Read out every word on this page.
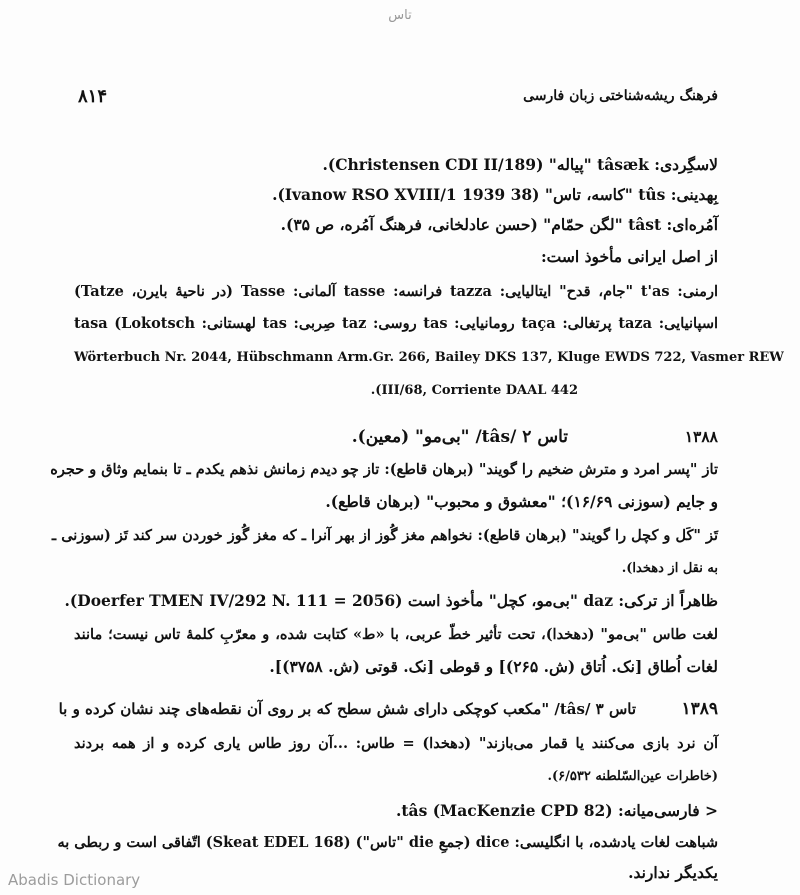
تاس
۸۱۴	فرهنگ ریشه‌شناختی زبان فارسی
لاسگِردی: tâsæk "پیاله" (Christensen CDI II/189).
بِهدینی: tûs "کاسه، تاس" (Ivanow RSO XVIII/1 1939 38).
آمُره‌ای: tâst "لگن حمّام" (حسن عادلخانی، فرهنگ آمُره، ص ۳۵).
از اصل ایرانی مأخوذ است:
ارمنی: t'as "جام، قدح" ایتالیایی: tazza فرانسه: tasse آلمانی: Tasse (در ناحیهٔ بایرن، Tatze)
اسپانیایی: taza پرتغالی: taça رومانیایی: tas روسی: taz صِربی: tas لهستانی: tasa (Lokotsch
Wörterbuch Nr. 2044, Hübschmann Arm.Gr. 266, Bailey DKS 137, Kluge EWDS 722, Vasmer REW
III/68, Corriente DAAL 442).
تاس ۲ /tâs/ "بی‌مو" (معین).	۱۳۸۸
تاز "پسر امرد و مترش ضخیم را گویند" (برهان قاطع): تاز چو دیدم زمانش نذهم یکدم ـ تا بنمایم وثاق و حجره
و جایم (سوزنی ۱۶/۶۹)؛ "معشوق و محبوب" (برهان قاطع).
تَز "کَل و کچل را گویند" (برهان قاطع): نخواهم مغز گُوز از بهر آنرا ـ که مغز گُوز خوردن سر کند تَز (سوزنی ـ
به نقل از دهخدا).
ظاهراً از ترکی: daz "بی‌مو، کچل" مأخوذ است (Doerfer TMEN IV/292 N. 111 = 2056).
لغت طاس "بی‌مو" (دهخدا)، تحت تأثیر خطّ عربی، با «ط» کتابت شده، و معرّبِ کلمهٔ تاس نیست؛ مانند
لغات اُطاق [نک. اُتاق (ش. ۲۶۵)] و قوطی [نک. قوتی (ش. ۳۷۵۸)].
تاس ۳ /tâs/ "مکعب کوچکی دارای شش سطح که بر روی آن نقطه‌های چند نشان کرده و با	۱۳۸۹
آن نرد بازی می‌کنند یا قمار می‌بازند" (دهخدا) = طاس: ...آن روز طاس یاری کرده و از همه بردند
(خاطرات عین‌السّلطنه ۶/۵۳۲).
< فارسی‌میانه: tâs (MacKenzie CPD 82).
شباهت لغات یادشده، با انگلیسی: dice (جمعِ die "تاس") (Skeat EDEL 168) اتّفاقی است و ربطی به
یکدیگر ندارند.
Abadis Dictionary
